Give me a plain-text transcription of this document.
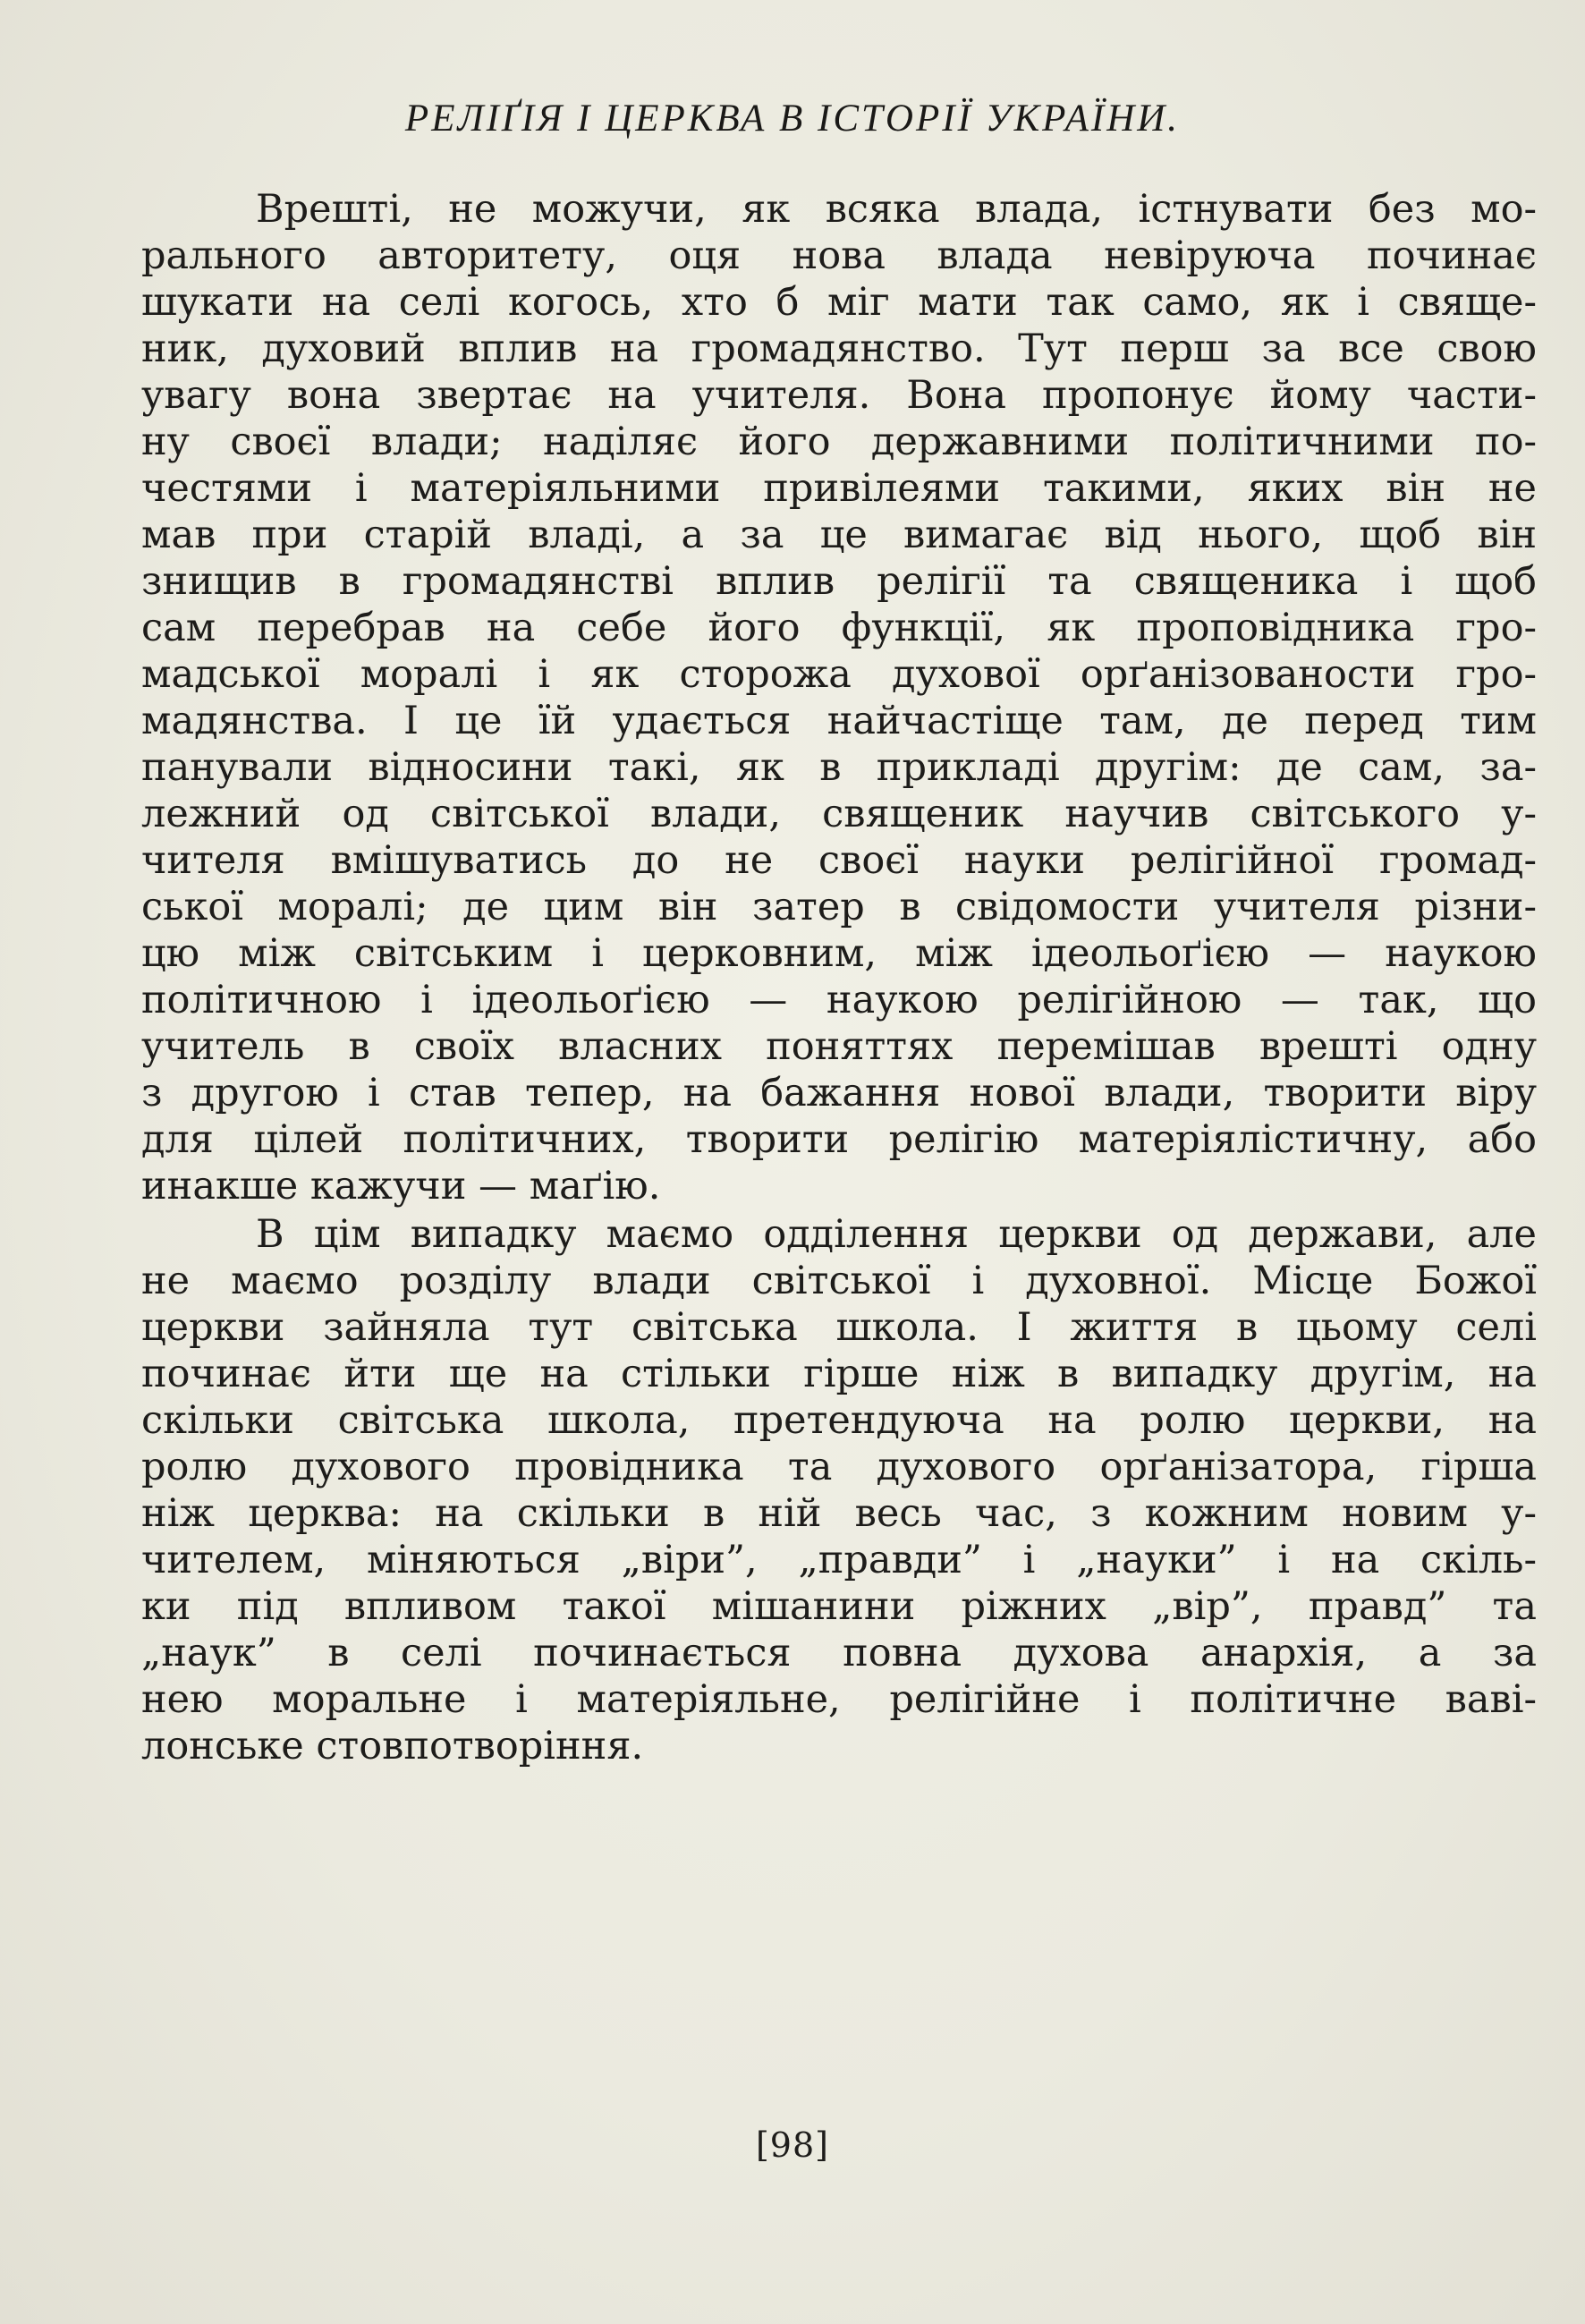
РЕЛІҐІЯ І ЦЕРКВА В ІСТОРІЇ УКРАЇНИ.
Врешті, не можучи, як всяка влада, істнувати без мо-
рального авторитету, оця нова влада невіруюча починає
шукати на селі когось, хто б міг мати так само, як і свяще-
ник, духовий вплив на громадянство. Тут перш за все свою
увагу вона звертає на учителя. Вона пропонує йому части-
ну своєї влади; наділяє його державними політичними по-
честями і матеріяльними привілеями такими, яких він не
мав при старій владі, а за це вимагає від нього, щоб він
знищив в громадянстві вплив релігії та священика і щоб
сам перебрав на себе його функції, як проповідника гро-
мадської моралі і як сторожа духової орґанізованости гро-
мадянства. І це їй удається найчастіще там, де перед тим
панували відносини такі, як в прикладі другім: де сам, за-
лежний од світської влади, священик научив світського у-
чителя вмішуватись до не своєї науки релігійної громад-
ської моралі; де цим він затер в свідомости учителя різни-
цю між світським і церковним, між ідеольоґією — наукою
політичною і ідеольоґією — наукою релігійною — так, що
учитель в своїх власних поняттях перемішав врешті одну
з другою і став тепер, на бажання нової влади, творити віру
для цілей політичних, творити релігію матеріялістичну, або
инакше кажучи — маґію.
В цім випадку маємо одділення церкви од держави, але
не маємо розділу влади світської і духовної. Місце Божої
церкви зайняла тут світська школа. І життя в цьому селі
починає йти ще на стільки гірше ніж в випадку другім, на
скільки світська школа, претендуюча на ролю церкви, на
ролю духового провідника та духового орґанізатора, гірша
ніж церква: на скільки в ній весь час, з кожним новим у-
чителем, міняються „віри”, „правди” і „науки” і на скіль-
ки під впливом такої мішанини ріжних „вір”, правд” та
„наук” в селі починається повна духова анархія, а за
нею моральне і матеріяльне, релігійне і політичне вaві-
лонське стовпотворіння.
[98]
